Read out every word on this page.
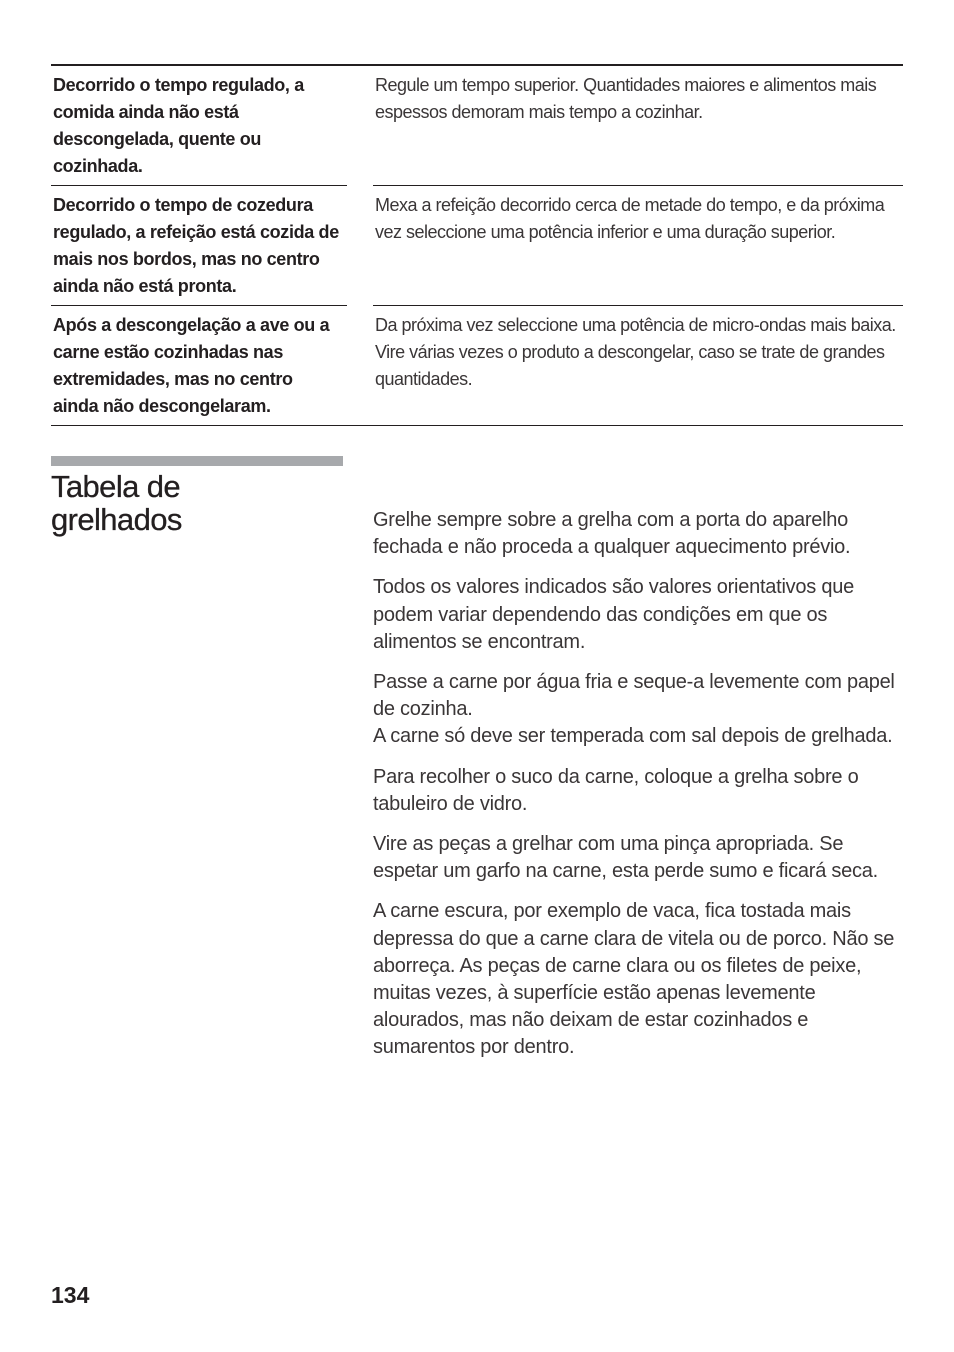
Decorrido o tempo regulado, a comida ainda não está descongelada, quente ou cozinhada.
Regule um tempo superior. Quantidades maiores e alimentos mais espessos demoram mais tempo a cozinhar.
Decorrido o tempo de cozedura regulado, a refeição está cozida de mais nos bordos, mas no centro ainda não está pronta.
Mexa a refeição decorrido cerca de metade do tempo, e da próxima vez seleccione uma potência inferior e uma duração superior.
Após a descongelação a ave ou a carne estão cozinhadas nas extremidades, mas no centro ainda não descongelaram.
Da próxima vez seleccione uma potência de micro-ondas mais baixa. Vire várias vezes o produto a descongelar, caso se trate de grandes quantidades.
Tabela de
grelhados	Grelhe sempre sobre a grelha com a porta do aparelho fechada e não proceda a qualquer aquecimento prévio.

Todos os valores indicados são valores orientativos que podem variar dependendo das condições em que os alimentos se encontram.

Passe a carne por água fria e seque-a levemente com papel de cozinha.
A carne só deve ser temperada com sal depois de grelhada.

Para recolher o suco da carne, coloque a grelha sobre o tabuleiro de vidro.

Vire as peças a grelhar com uma pinça apropriada. Se espetar um garfo na carne, esta perde sumo e ficará seca.

A carne escura, por exemplo de vaca, fica tostada mais depressa do que a carne clara de vitela ou de porco. Não se aborreça. As peças de carne clara ou os filetes de peixe, muitas vezes, à superfície estão apenas levemente alourados, mas não deixam de estar cozinhados e sumarentos por dentro.

134
